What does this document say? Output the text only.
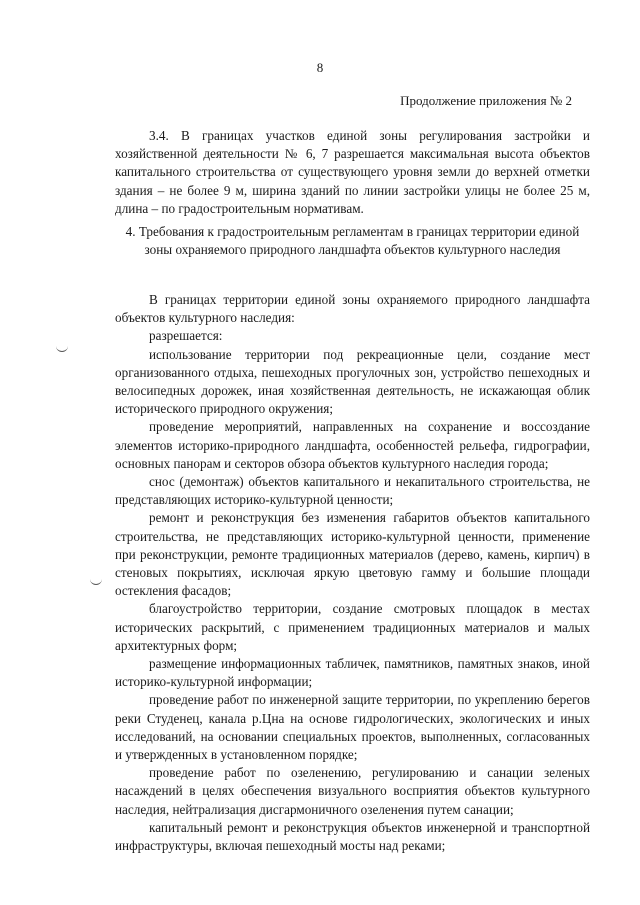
8
Продолжение приложения № 2

3.4. В границах участков единой зоны регулирования застройки и хозяйственной деятельности № 6, 7 разрешается максимальная высота объектов капитального строительства от существующего уровня земли до верхней отметки здания – не более 9 м, ширина зданий по линии застройки улицы не более 25 м, длина – по градостроительным нормативам.

4. Требования к градостроительным регламентам в границах территории единой зоны охраняемого природного ландшафта объектов культурного наследия

В границах территории единой зоны охраняемого природного ландшафта объектов культурного наследия:

разрешается:

использование территории под рекреационные цели, создание мест организованного отдыха, пешеходных прогулочных зон, устройство пешеходных и велосипедных дорожек, иная хозяйственная деятельность, не искажающая облик исторического природного окружения;

проведение мероприятий, направленных на сохранение и воссоздание элементов историко-природного ландшафта, особенностей рельефа, гидрографии, основных панорам и секторов обзора объектов культурного наследия города;

снос (демонтаж) объектов капитального и некапитального строительства, не представляющих историко-культурной ценности;

ремонт и реконструкция без изменения габаритов объектов капитального строительства, не представляющих историко-культурной ценности, применение при реконструкции, ремонте традиционных материалов (дерево, камень, кирпич) в стеновых покрытиях, исключая яркую цветовую гамму и большие площади остекления фасадов;

благоустройство территории, создание смотровых площадок в местах исторических раскрытий, с применением традиционных материалов и малых архитектурных форм;

размещение информационных табличек, памятников, памятных знаков, иной историко-культурной информации;

проведение работ по инженерной защите территории, по укреплению берегов реки Студенец, канала р.Цна на основе гидрологических, экологических и иных исследований, на основании специальных проектов, выполненных, согласованных и утвержденных в установленном порядке;

проведение работ по озеленению, регулированию и санации зеленых насаждений в целях обеспечения визуального восприятия объектов культурного наследия, нейтрализация дисгармоничного озеленения путем санации;

капитальный ремонт и реконструкция объектов инженерной и транспортной инфраструктуры, включая пешеходный мосты над реками;
